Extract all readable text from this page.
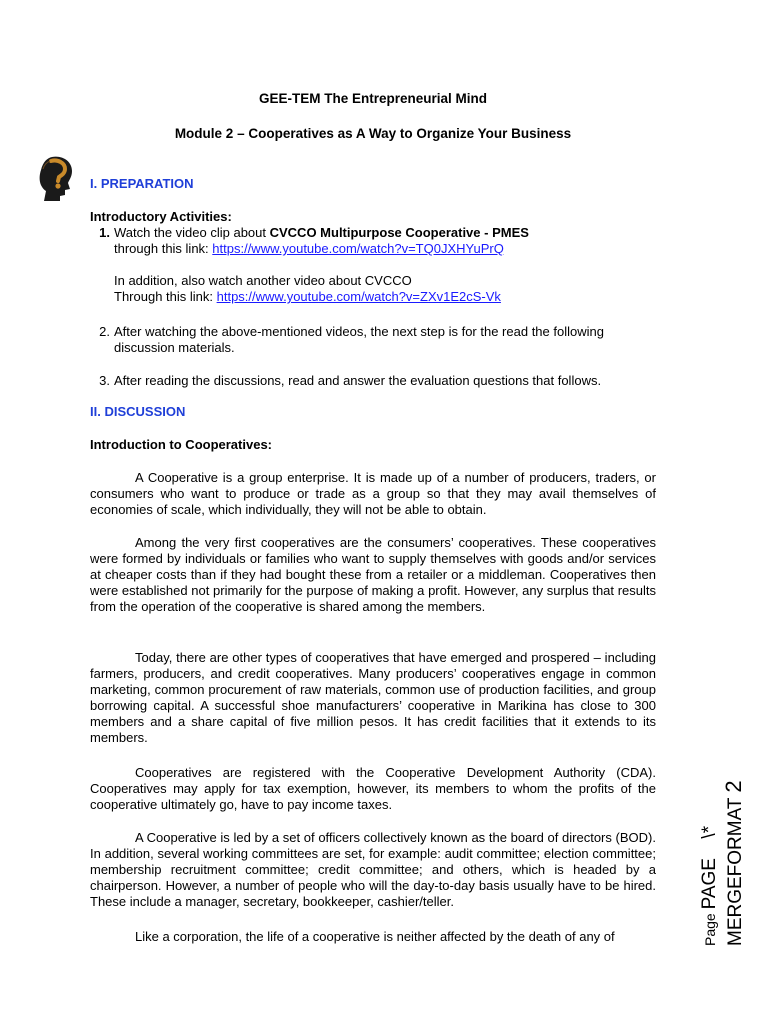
GEE-TEM The Entrepreneurial Mind
Module 2 – Cooperatives as A Way to Organize Your Business
I. PREPARATION
Introductory Activities:
1. Watch the video clip about CVCCO Multipurpose Cooperative - PMES
through this link: https://www.youtube.com/watch?v=TQ0JXHYuPrQ
In addition, also watch another video about CVCCO
Through this link: https://www.youtube.com/watch?v=ZXv1E2cS-Vk
2. After watching the above-mentioned videos, the next step is for the read the following discussion materials.
3. After reading the discussions, read and answer the evaluation questions that follows.
II. DISCUSSION
Introduction to Cooperatives:

A Cooperative is a group enterprise. It is made up of a number of producers, traders, or consumers who want to produce or trade as a group so that they may avail themselves of economies of scale, which individually, they will not be able to obtain.

Among the very first cooperatives are the consumers’ cooperatives. These cooperatives were formed by individuals or families who want to supply themselves with goods and/or services at cheaper costs than if they had bought these from a retailer or a middleman. Cooperatives then were established not primarily for the purpose of making a profit. However, any surplus that results from the operation of the cooperative is shared among the members.

Today, there are other types of cooperatives that have emerged and prospered – including farmers, producers, and credit cooperatives. Many producers’ cooperatives engage in common marketing, common procurement of raw materials, common use of production facilities, and group borrowing capital. A successful shoe manufacturers’ cooperative in Marikina has close to 300 members and a share capital of five million pesos. It has credit facilities that it extends to its members.

Cooperatives are registered with the Cooperative Development Authority (CDA). Cooperatives may apply for tax exemption, however, its members to whom the profits of the cooperative ultimately go, have to pay income taxes.

A Cooperative is led by a set of officers collectively known as the board of directors (BOD). In addition, several working committees are set, for example: audit committee; election committee; membership recruitment committee; credit committee; and others, which is headed by a chairperson. However, a number of people who will the day-to-day basis usually have to be hired. These include a manager, secretary, bookkeeper, cashier/teller.

Like a corporation, the life of a cooperative is neither affected by the death of any of	Page PAGE     \* MERGEFORMAT 2
